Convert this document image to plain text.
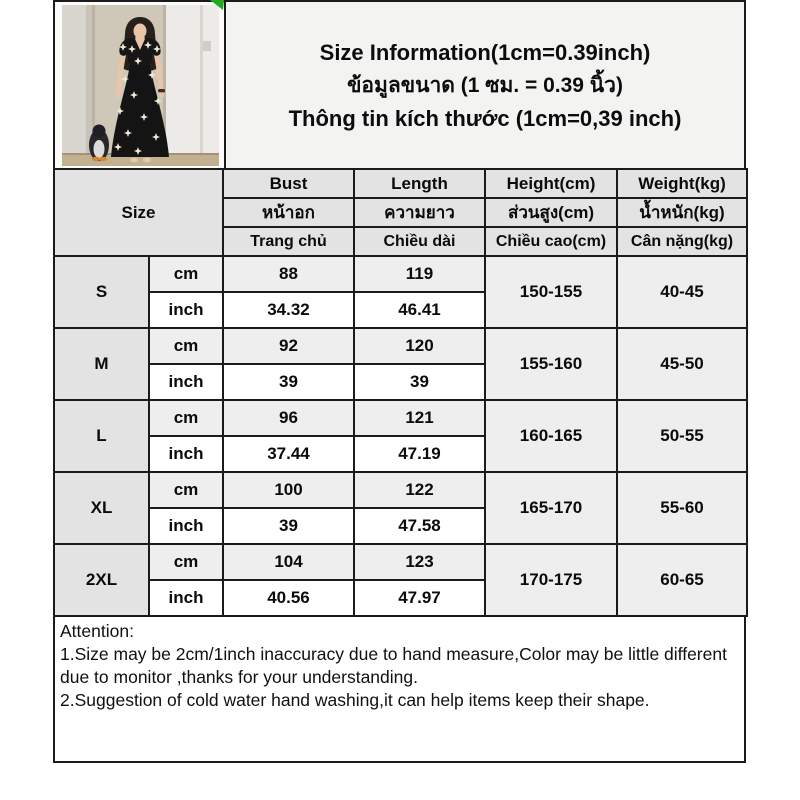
Size Information(1cm=0.39inch)
ข้อมูลขนาด (1 ซม. = 0.39 นิ้ว)
Thông tin kích thước (1cm=0,39 inch)
Size		Bust	Length	Height(cm)	Weight(kg)
		หน้าอก	ความยาว	ส่วนสูง(cm)	น้ำหนัก(kg)
		Trang chủ	Chiều dài	Chiều cao(cm)	Cân nặng(kg)
S	cm	88	119	150-155	40-45
	inch	34.32	46.41		
M	cm	92	120	155-160	45-50
	inch	39	39		
L	cm	96	121	160-165	50-55
	inch	37.44	47.19		
XL	cm	100	122	165-170	55-60
	inch	39	47.58		
2XL	cm	104	123	170-175	60-65
	inch	40.56	47.97		
Attention:
1.Size may be 2cm/1inch inaccuracy due to hand measure,Color may be little different due to monitor ,thanks for your understanding.
2.Suggestion of cold water hand washing,it can help items keep their shape.
